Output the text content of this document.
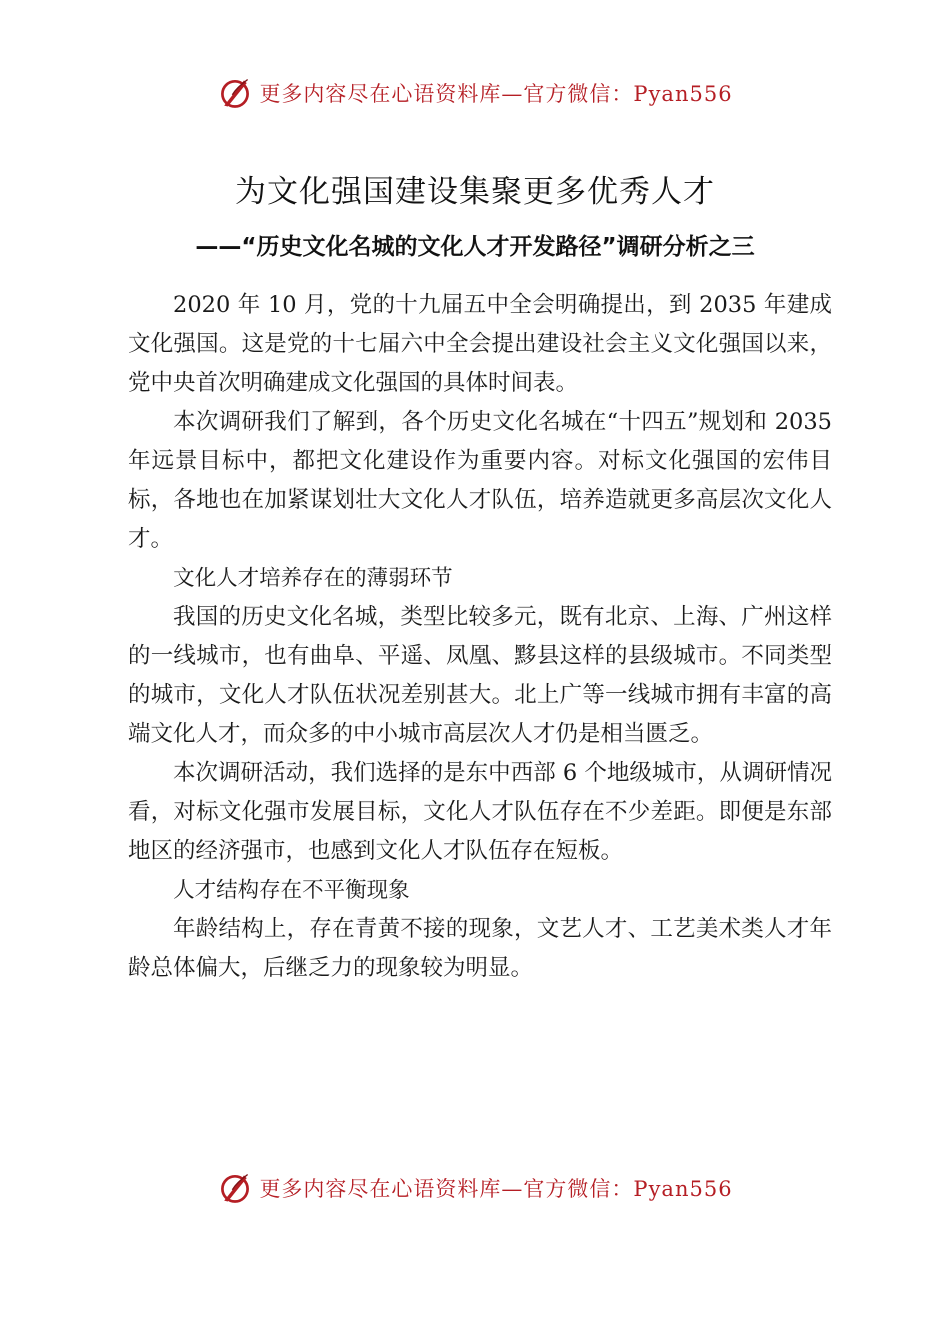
更多内容尽在心语资料库—官方微信：Pyan556
为文化强国建设集聚更多优秀人才
——“历史文化名城的文化人才开发路径”调研分析之三

2020 年 10 月，党的十九届五中全会明确提出，到 2035 年建成文化强国。这是党的十七届六中全会提出建设社会主义文化强国以来，党中央首次明确建成文化强国的具体时间表。

本次调研我们了解到，各个历史文化名城在“十四五”规划和 2035 年远景目标中，都把文化建设作为重要内容。对标文化强国的宏伟目标，各地也在加紧谋划壮大文化人才队伍，培养造就更多高层次文化人才。

文化人才培养存在的薄弱环节

我国的历史文化名城，类型比较多元，既有北京、上海、广州这样的一线城市，也有曲阜、平遥、凤凰、黟县这样的县级城市。不同类型的城市，文化人才队伍状况差别甚大。北上广等一线城市拥有丰富的高端文化人才，而众多的中小城市高层次人才仍是相当匮乏。

本次调研活动，我们选择的是东中西部 6 个地级城市，从调研情况看，对标文化强市发展目标，文化人才队伍存在不少差距。即便是东部地区的经济强市，也感到文化人才队伍存在短板。

人才结构存在不平衡现象

年龄结构上，存在青黄不接的现象，文艺人才、工艺美术类人才年龄总体偏大，后继乏力的现象较为明显。

更多内容尽在心语资料库—官方微信：Pyan556
